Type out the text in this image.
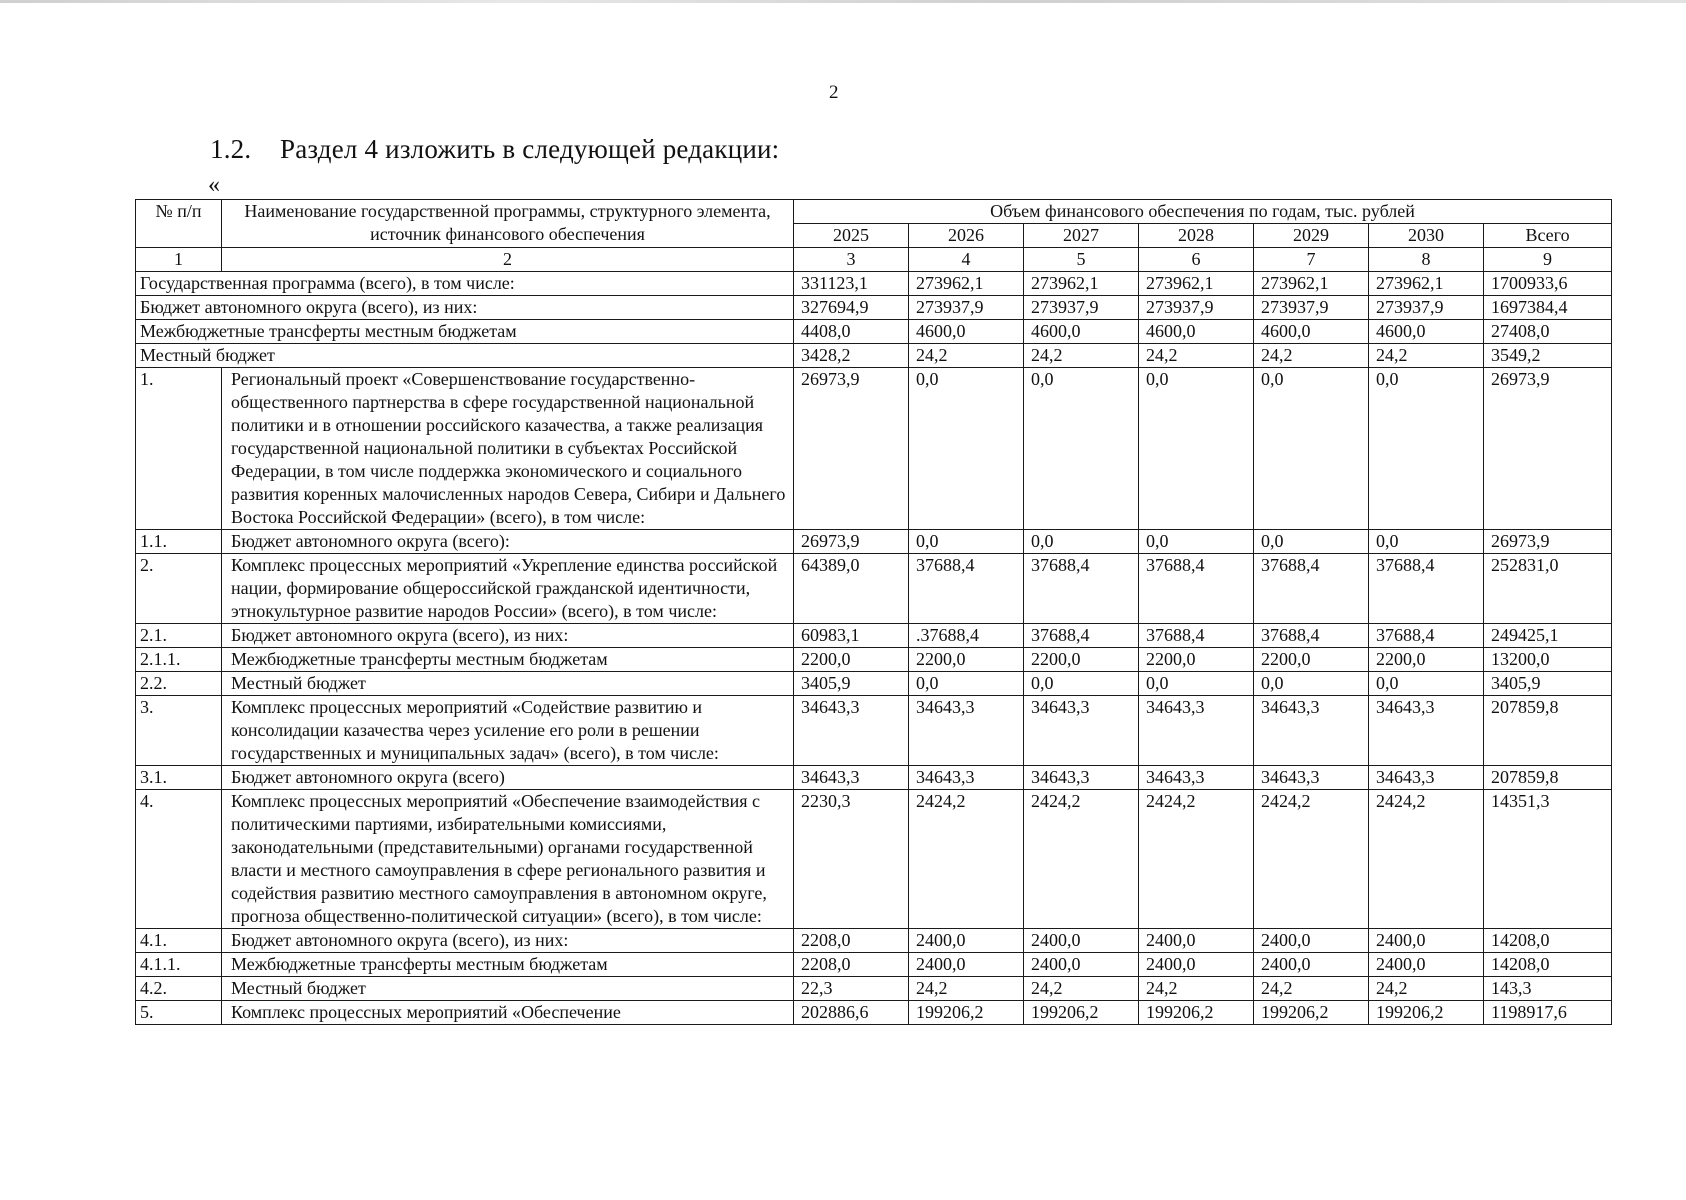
2
1.2. Раздел 4 изложить в следующей редакции:
«
№ п/п	Наименование государственной программы, структурного элемента, источник финансового обеспечения	Объем финансового обеспечения по годам, тыс. рублей						
		2025	2026	2027	2028	2029	2030	Всего
1	2	3	4	5	6	7	8	9
Государственная программа (всего), в том числе:		331123,1	273962,1	273962,1	273962,1	273962,1	273962,1	1700933,6
Бюджет автономного округа (всего), из них:		327694,9	273937,9	273937,9	273937,9	273937,9	273937,9	1697384,4
Межбюджетные трансферты местным бюджетам		4408,0	4600,0	4600,0	4600,0	4600,0	4600,0	27408,0
Местный бюджет		3428,2	24,2	24,2	24,2	24,2	24,2	3549,2
1.	Региональный проект «Совершенствование государственно-общественного партнерства в сфере государственной национальной политики и в отношении российского казачества, а также реализация государственной национальной политики в субъектах Российской Федерации, в том числе поддержка экономического и социального развития коренных малочисленных народов Севера, Сибири и Дальнего Востока Российской Федерации» (всего), в том числе:	26973,9	0,0	0,0	0,0	0,0	0,0	26973,9
1.1.	Бюджет автономного округа (всего):	26973,9	0,0	0,0	0,0	0,0	0,0	26973,9
2.	Комплекс процессных мероприятий «Укрепление единства российской нации, формирование общероссийской гражданской идентичности, этнокультурное развитие народов России» (всего), в том числе:	64389,0	37688,4	37688,4	37688,4	37688,4	37688,4	252831,0
2.1.	Бюджет автономного округа (всего), из них:	60983,1	.37688,4	37688,4	37688,4	37688,4	37688,4	249425,1
2.1.1.	Межбюджетные трансферты местным бюджетам	2200,0	2200,0	2200,0	2200,0	2200,0	2200,0	13200,0
2.2.	Местный бюджет	3405,9	0,0	0,0	0,0	0,0	0,0	3405,9
3.	Комплекс процессных мероприятий «Содействие развитию и консолидации казачества через усиление его роли в решении государственных и муниципальных задач» (всего), в том числе:	34643,3	34643,3	34643,3	34643,3	34643,3	34643,3	207859,8
3.1.	Бюджет автономного округа (всего)	34643,3	34643,3	34643,3	34643,3	34643,3	34643,3	207859,8
4.	Комплекс процессных мероприятий «Обеспечение взаимодействия с политическими партиями, избирательными комиссиями, законодательными (представительными) органами государственной власти и местного самоуправления в сфере регионального развития и содействия развитию местного самоуправления в автономном округе, прогноза общественно-политической ситуации» (всего), в том числе:	2230,3	2424,2	2424,2	2424,2	2424,2	2424,2	14351,3
4.1.	Бюджет автономного округа (всего), из них:	2208,0	2400,0	2400,0	2400,0	2400,0	2400,0	14208,0
4.1.1.	Межбюджетные трансферты местным бюджетам	2208,0	2400,0	2400,0	2400,0	2400,0	2400,0	14208,0
4.2.	Местный бюджет	22,3	24,2	24,2	24,2	24,2	24,2	143,3
5.	Комплекс процессных мероприятий «Обеспечение	202886,6	199206,2	199206,2	199206,2	199206,2	199206,2	1198917,6
